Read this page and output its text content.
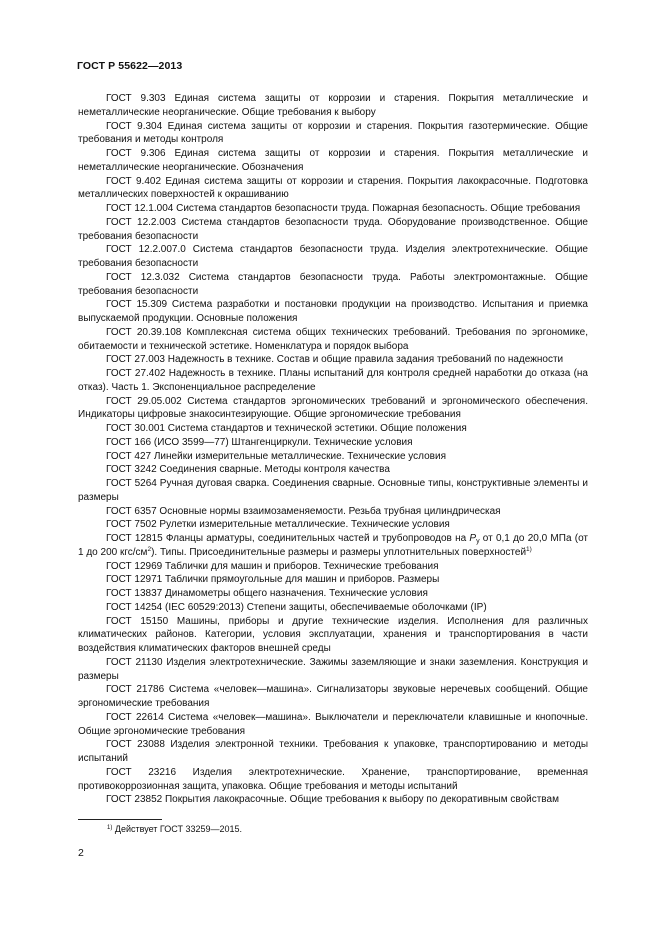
ГОСТ Р 55622—2013

ГОСТ 9.303 Единая система защиты от коррозии и старения. Покрытия металлические и неметаллические неорганические. Общие требования к выбору

ГОСТ 9.304 Единая система защиты от коррозии и старения. Покрытия газотермические. Общие требования и методы контроля

ГОСТ 9.306 Единая система защиты от коррозии и старения. Покрытия металлические и неметаллические неорганические. Обозначения

ГОСТ 9.402 Единая система защиты от коррозии и старения. Покрытия лакокрасочные. Подготовка металлических поверхностей к окрашиванию

ГОСТ 12.1.004 Система стандартов безопасности труда. Пожарная безопасность. Общие требования

ГОСТ 12.2.003 Система стандартов безопасности труда. Оборудование производственное. Общие требования безопасности

ГОСТ 12.2.007.0 Система стандартов безопасности труда. Изделия электротехнические. Общие требования безопасности

ГОСТ 12.3.032 Система стандартов безопасности труда. Работы электромонтажные. Общие требования безопасности

ГОСТ 15.309 Система разработки и постановки продукции на производство. Испытания и приемка выпускаемой продукции. Основные положения

ГОСТ 20.39.108 Комплексная система общих технических требований. Требования по эргономике, обитаемости и технической эстетике. Номенклатура и порядок выбора

ГОСТ 27.003 Надежность в технике. Состав и общие правила задания требований по надежности

ГОСТ 27.402 Надежность в технике. Планы испытаний для контроля средней наработки до отказа (на отказ). Часть 1. Экспоненциальное распределение

ГОСТ 29.05.002 Система стандартов эргономических требований и эргономического обеспечения. Индикаторы цифровые знакосинтезирующие. Общие эргономические требования

ГОСТ 30.001 Система стандартов и технической эстетики. Общие положения

ГОСТ 166 (ИСО 3599—77) Штангенциркули. Технические условия

ГОСТ 427 Линейки измерительные металлические. Технические условия

ГОСТ 3242 Соединения сварные. Методы контроля качества

ГОСТ 5264 Ручная дуговая сварка. Соединения сварные. Основные типы, конструктивные элементы и размеры

ГОСТ 6357 Основные нормы взаимозаменяемости. Резьба трубная цилиндрическая

ГОСТ 7502 Рулетки измерительные металлические. Технические условия

ГОСТ 12815 Фланцы арматуры, соединительных частей и трубопроводов на $P_y$ от 0,1 до 20,0 МПа (от 1 до 200 кгс/$см^2$). Типы. Присоединительные размеры и размеры уплотнительных поверхностей$^{1)}$

ГОСТ 12969 Таблички для машин и приборов. Технические требования

ГОСТ 12971 Таблички прямоугольные для машин и приборов. Размеры

ГОСТ 13837 Динамометры общего назначения. Технические условия

ГОСТ 14254 (IEC 60529:2013) Степени защиты, обеспечиваемые оболочками (IP)

ГОСТ 15150 Машины, приборы и другие технические изделия. Исполнения для различных климатических районов. Категории, условия эксплуатации, хранения и транспортирования в части воздействия климатических факторов внешней среды

ГОСТ 21130 Изделия электротехнические. Зажимы заземляющие и знаки заземления. Конструкция и размеры

ГОСТ 21786 Система «человек—машина». Сигнализаторы звуковые неречевых сообщений. Общие эргономические требования

ГОСТ 22614 Система «человек—машина». Выключатели и переключатели клавишные и кнопочные. Общие эргономические требования

ГОСТ 23088 Изделия электронной техники. Требования к упаковке, транспортированию и методы испытаний

ГОСТ 23216 Изделия электротехнические. Хранение, транспортирование, временная противокоррозионная защита, упаковка. Общие требования и методы испытаний

ГОСТ 23852 Покрытия лакокрасочные. Общие требования к выбору по декоративным свойствам

$^{1)}$ Действует ГОСТ 33259—2015.
2
